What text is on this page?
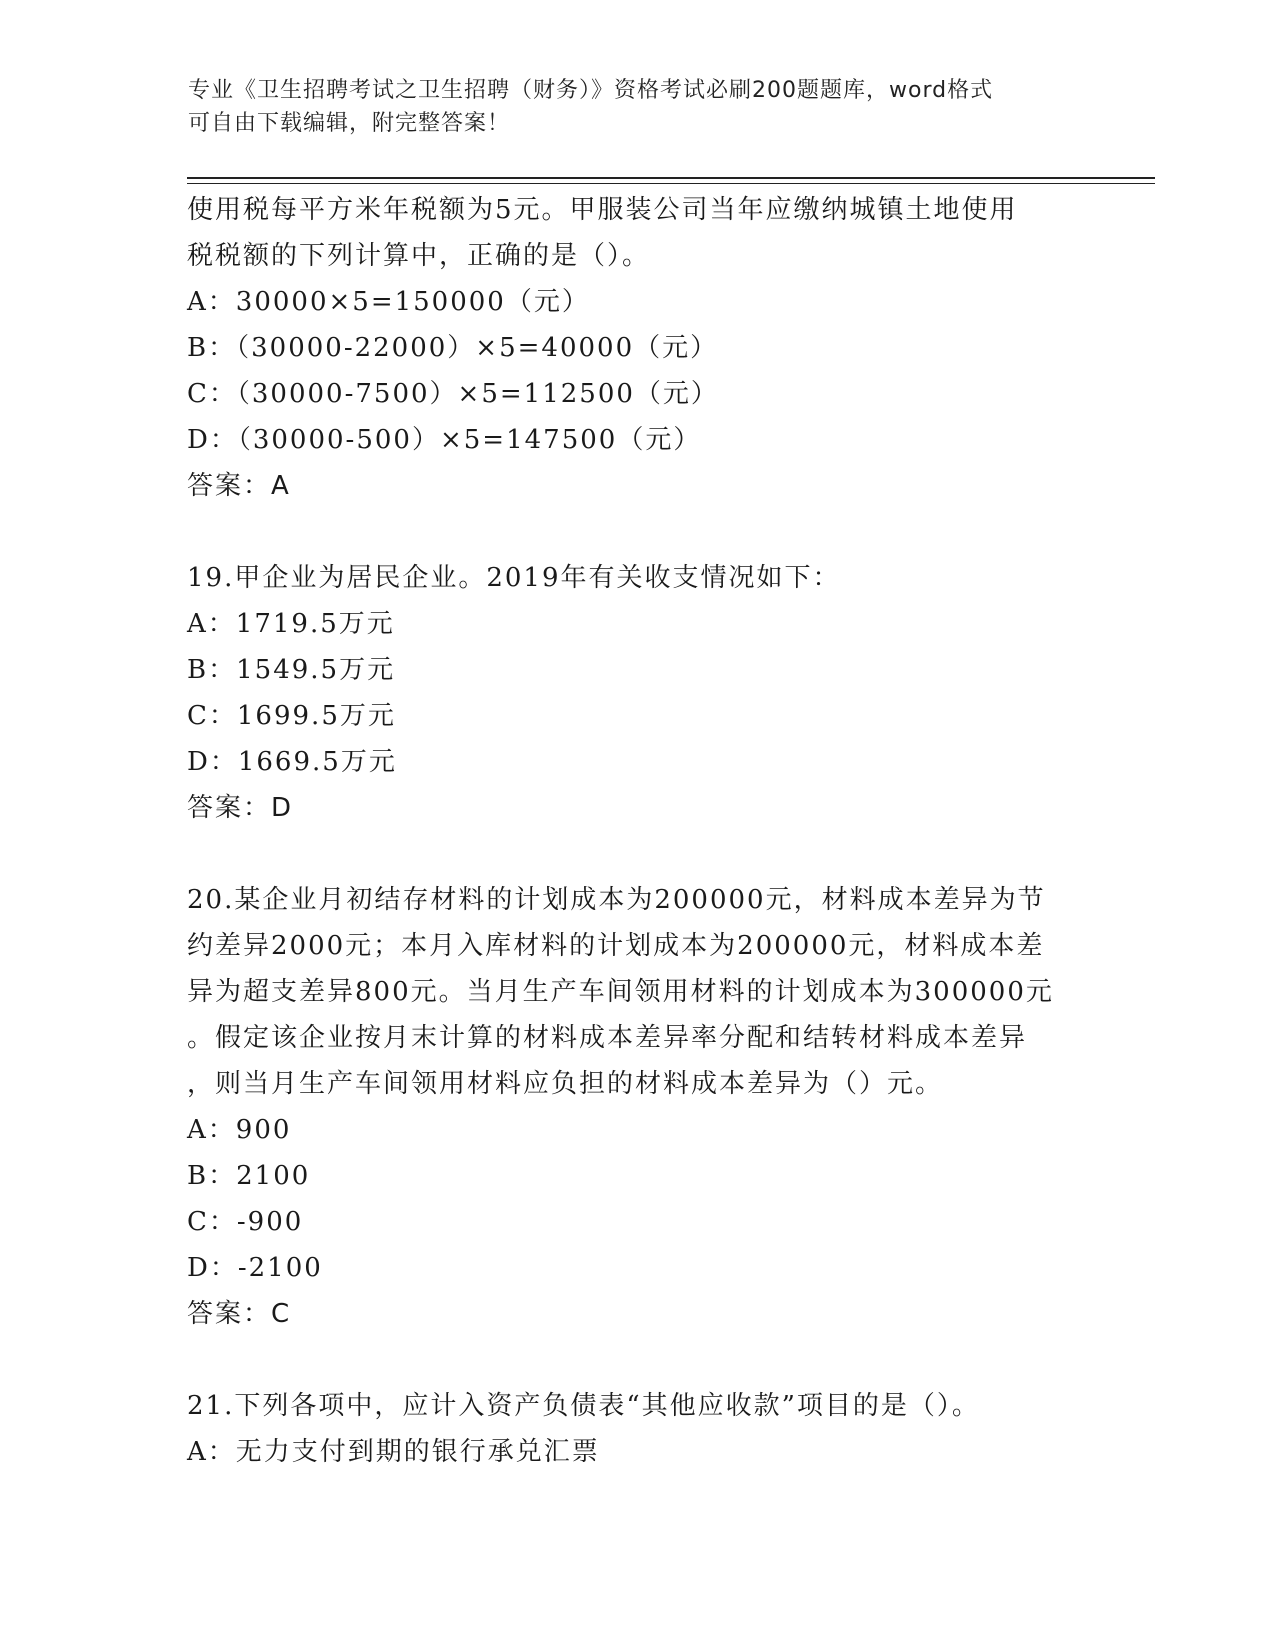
专业《卫生招聘考试之卫生招聘（财务）》资格考试必刷200题题库，word格式
可自由下载编辑，附完整答案！
使用税每平方米年税额为5元。甲服装公司当年应缴纳城镇土地使用
税税额的下列计算中，正确的是（）。
A：30000×5=150000（元）
B：（30000-22000）×5=40000（元）
C：（30000-7500）×5=112500（元）
D：（30000-500）×5=147500（元）
答案：A
19.甲企业为居民企业。2019年有关收支情况如下：
A：1719.5万元
B：1549.5万元
C：1699.5万元
D：1669.5万元
答案：D
20.某企业月初结存材料的计划成本为200000元，材料成本差异为节
约差异2000元；本月入库材料的计划成本为200000元，材料成本差
异为超支差异800元。当月生产车间领用材料的计划成本为300000元
。假定该企业按月末计算的材料成本差异率分配和结转材料成本差异
，则当月生产车间领用材料应负担的材料成本差异为（）元。
A：900
B：2100
C：-900
D：-2100
答案：C
21.下列各项中，应计入资产负债表“其他应收款”项目的是（）。
A：无力支付到期的银行承兑汇票
